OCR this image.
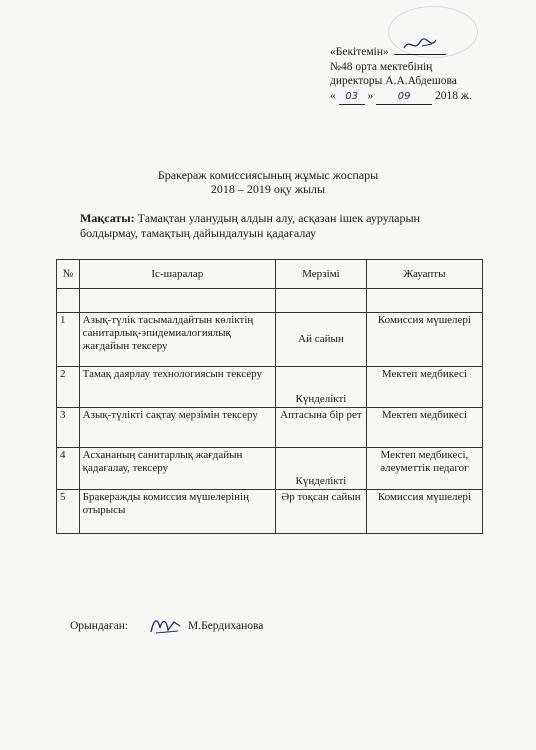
«Бекітемін»
№48 орта мектебінің
директоры А.А.Абдешова
« 03 » 09 2018 ж.
Бракераж комиссиясының жұмыс жоспары
2018 – 2019 оқу жылы
Мақсаты: Тамақтан уланудың алдын алу, асқазан ішек ауруларын болдырмау, тамақтың дайындалуын қадағалау
№	Іс-шаралар	Мерзімі	Жауапты

1	Азық-түлік тасымалдайтын көліктің санитарлық-эпидемиалогиялық жағдайын тексеру	Ай сайын	Комиссия мүшелері
2	Тамақ даярлау технологиясын тексеру	Күнделікті	Мектеп медбикесі
3	Азық-түлікті сақтау мерзімін тексеру	Аптасына бір рет	Мектеп медбикесі
4	Асхананың санитарлық жағдайын қадағалау, тексеру	Күнделікті	Мектеп медбикесі, әлеуметтік педагог
5	Бракеражды комиссия мүшелерінің отырысы	Әр тоқсан сайын	Комиссия мүшелері
Орындаған:	М.Бердиханова
